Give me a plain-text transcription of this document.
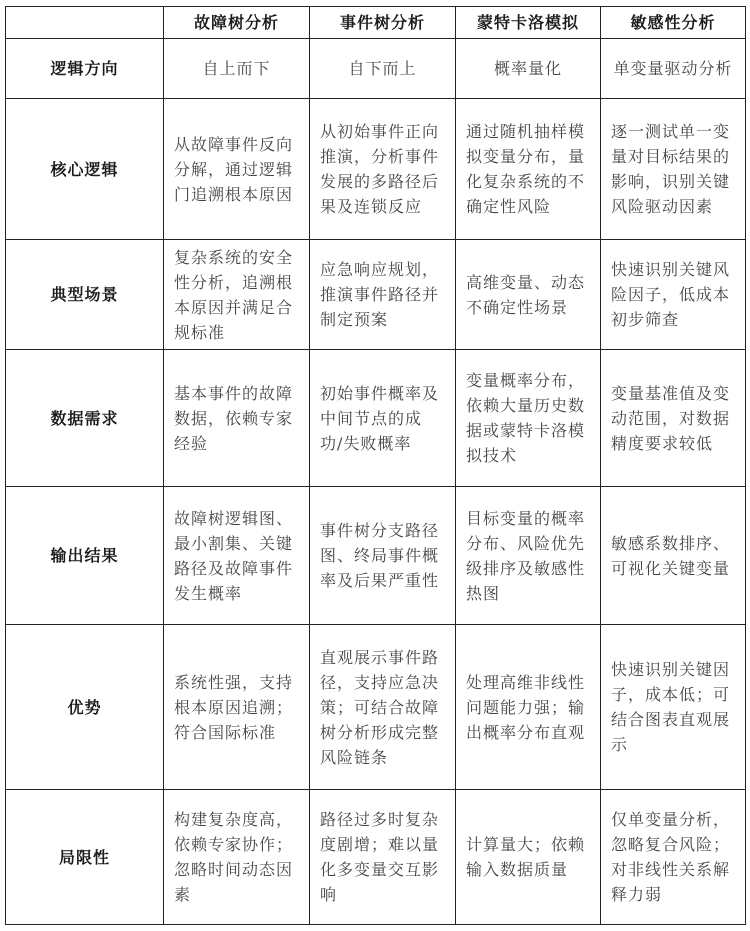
	故障树分析	事件树分析	蒙特卡洛模拟	敏感性分析
逻辑方向	自上而下	自下而上	概率量化	单变量驱动分析
核心逻辑	从故障事件反向分解，通过逻辑门追溯根本原因	从初始事件正向推演，分析事件发展的多路径后果及连锁反应	通过随机抽样模拟变量分布，量化复杂系统的不确定性风险	逐一测试单一变量对目标结果的影响，识别关键风险驱动因素
典型场景	复杂系统的安全性分析，追溯根本原因并满足合规标准	应急响应规划，推演事件路径并制定预案	高维变量、动态不确定性场景	快速识别关键风险因子，低成本初步筛查
数据需求	基本事件的故障数据，依赖专家经验	初始事件概率及中间节点的成功/失败概率	变量概率分布，依赖大量历史数据或蒙特卡洛模拟技术	变量基准值及变动范围，对数据精度要求较低
输出结果	故障树逻辑图、最小割集、关键路径及故障事件发生概率	事件树分支路径图、终局事件概率及后果严重性	目标变量的概率分布、风险优先级排序及敏感性热图	敏感系数排序、可视化关键变量
优势	系统性强，支持根本原因追溯；符合国际标准	直观展示事件路径，支持应急决策；可结合故障树分析形成完整风险链条	处理高维非线性问题能力强；输出概率分布直观	快速识别关键因子，成本低；可结合图表直观展示
局限性	构建复杂度高，依赖专家协作；忽略时间动态因素	路径过多时复杂度剧增；难以量化多变量交互影响	计算量大；依赖输入数据质量	仅单变量分析，忽略复合风险；对非线性关系解释力弱
